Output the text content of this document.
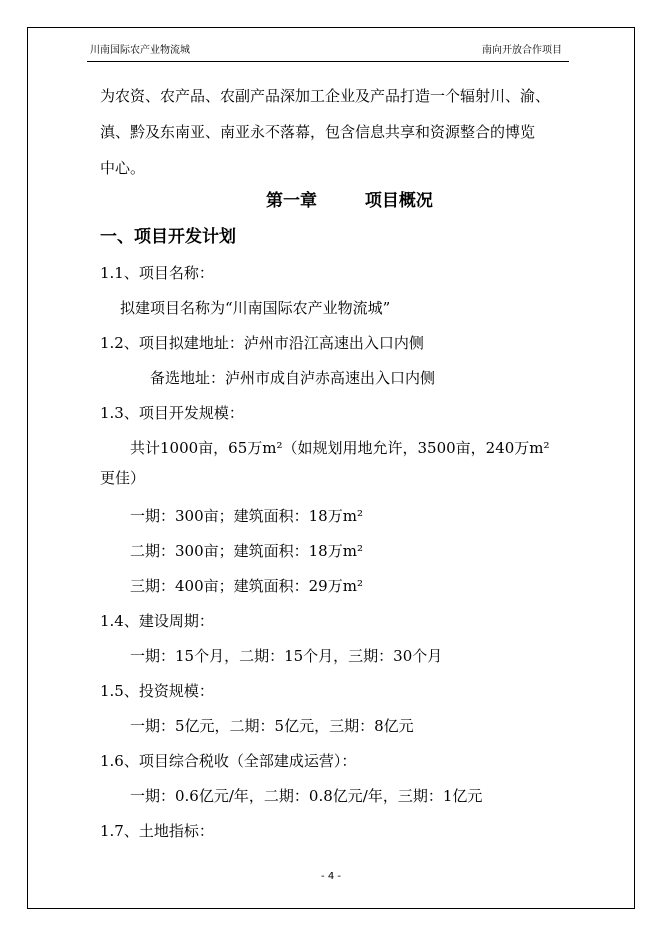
川南国际农产业物流城	南向开放合作项目
为农资、农产品、农副产品深加工企业及产品打造一个辐射川、渝、
滇、黔及东南亚、南亚永不落幕，包含信息共享和资源整合的博览
中心。
第一章	项目概况
一、项目开发计划
1.1、项目名称：
拟建项目名称为“川南国际农产业物流城”
1.2、项目拟建地址：泸州市沿江高速出入口内侧
备选地址：泸州市成自泸赤高速出入口内侧
1.3、项目开发规模：
共计1000亩，65万m²（如规划用地允许，3500亩，240万m²
更佳）
一期：300亩；建筑面积：18万m²
二期：300亩；建筑面积：18万m²
三期：400亩；建筑面积：29万m²
1.4、建设周期：
一期：15个月，二期：15个月，三期：30个月
1.5、投资规模：
一期：5亿元，二期：5亿元，三期：8亿元
1.6、项目综合税收（全部建成运营）：
一期：0.6亿元/年，二期：0.8亿元/年，三期：1亿元
1.7、土地指标：
- 4 -
